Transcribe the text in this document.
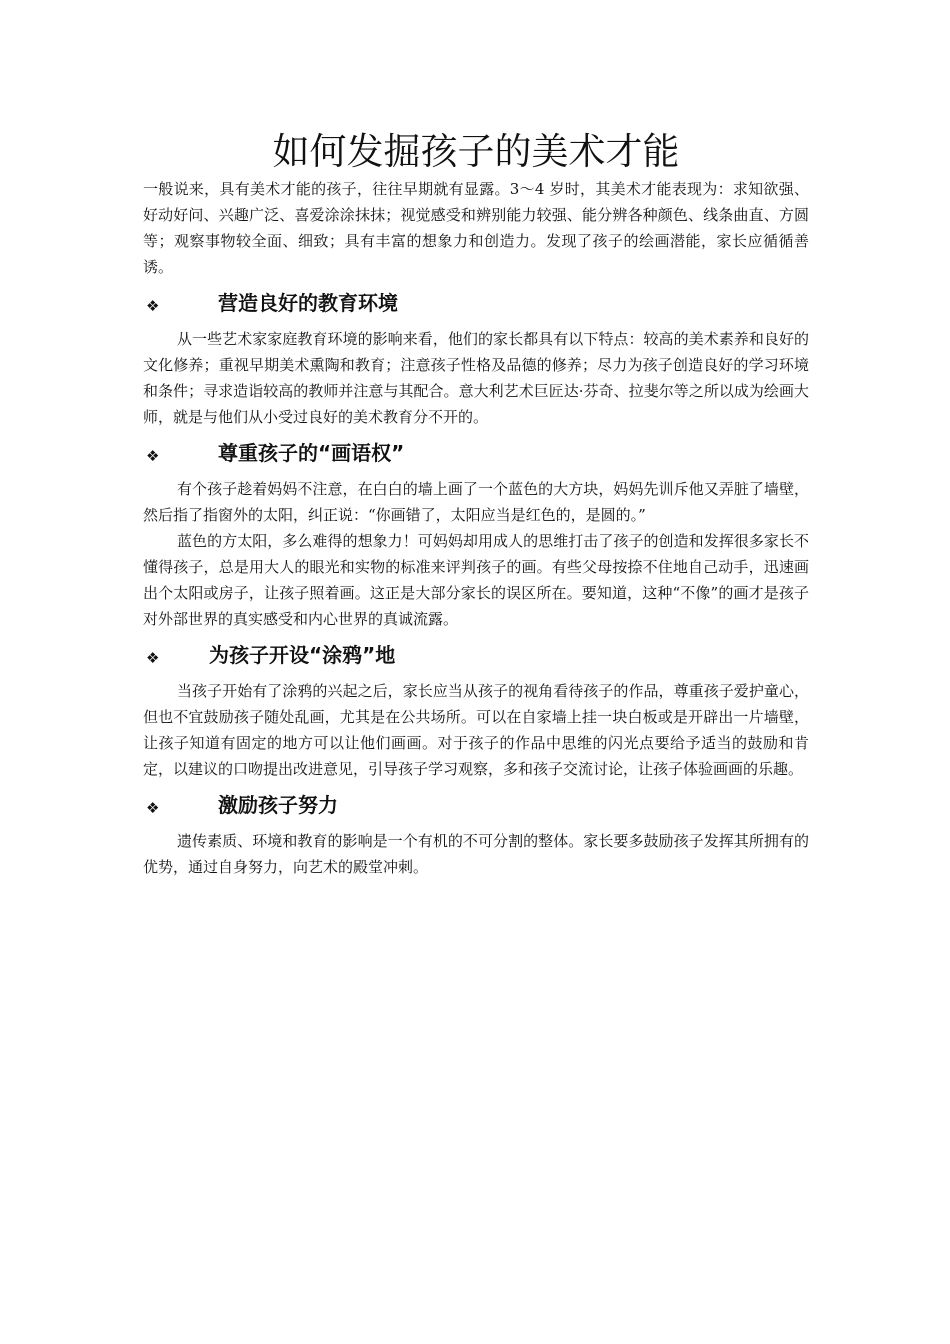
如何发掘孩子的美术才能

一般说来，具有美术才能的孩子，往往早期就有显露。3～4 岁时，其美术才能表现为：求知欲强、好动好问、兴趣广泛、喜爱涂涂抹抹；视觉感受和辨别能力较强、能分辨各种颜色、线条曲直、方圆等；观察事物较全面、细致；具有丰富的想象力和创造力。发现了孩子的绘画潜能，家长应循循善诱。

❖	营造良好的教育环境

从一些艺术家家庭教育环境的影响来看，他们的家长都具有以下特点：较高的美术素养和良好的文化修养；重视早期美术熏陶和教育；注意孩子性格及品德的修养；尽力为孩子创造良好的学习环境和条件；寻求造诣较高的教师并注意与其配合。意大利艺术巨匠达·芬奇、拉斐尔等之所以成为绘画大师，就是与他们从小受过良好的美术教育分不开的。

❖	尊重孩子的“画语权”

有个孩子趁着妈妈不注意，在白白的墙上画了一个蓝色的大方块，妈妈先训斥他又弄脏了墙壁，然后指了指窗外的太阳，纠正说：“你画错了，太阳应当是红色的，是圆的。”

蓝色的方太阳，多么难得的想象力！可妈妈却用成人的思维打击了孩子的创造和发挥很多家长不懂得孩子，总是用大人的眼光和实物的标准来评判孩子的画。有些父母按捺不住地自己动手，迅速画出个太阳或房子，让孩子照着画。这正是大部分家长的误区所在。要知道，这种“不像”的画才是孩子对外部世界的真实感受和内心世界的真诚流露。

❖ 为孩子开设“涂鸦”地

当孩子开始有了涂鸦的兴起之后，家长应当从孩子的视角看待孩子的作品，尊重孩子爱护童心，但也不宜鼓励孩子随处乱画，尤其是在公共场所。可以在自家墙上挂一块白板或是开辟出一片墙壁，让孩子知道有固定的地方可以让他们画画。对于孩子的作品中思维的闪光点要给予适当的鼓励和肯定，以建议的口吻提出改进意见，引导孩子学习观察，多和孩子交流讨论，让孩子体验画画的乐趣。

❖	激励孩子努力

遗传素质、环境和教育的影响是一个有机的不可分割的整体。家长要多鼓励孩子发挥其所拥有的优势，通过自身努力，向艺术的殿堂冲刺。
